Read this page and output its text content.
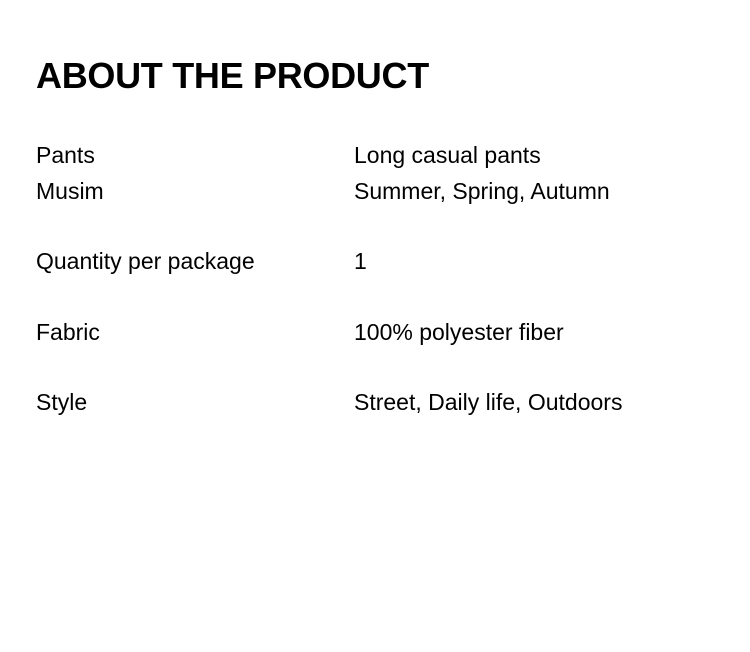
ABOUT THE PRODUCT
Pants	Long casual pants
Musim	Summer, Spring, Autumn
Quantity per package	1
Fabric	100% polyester fiber
Style	Street, Daily life, Outdoors
